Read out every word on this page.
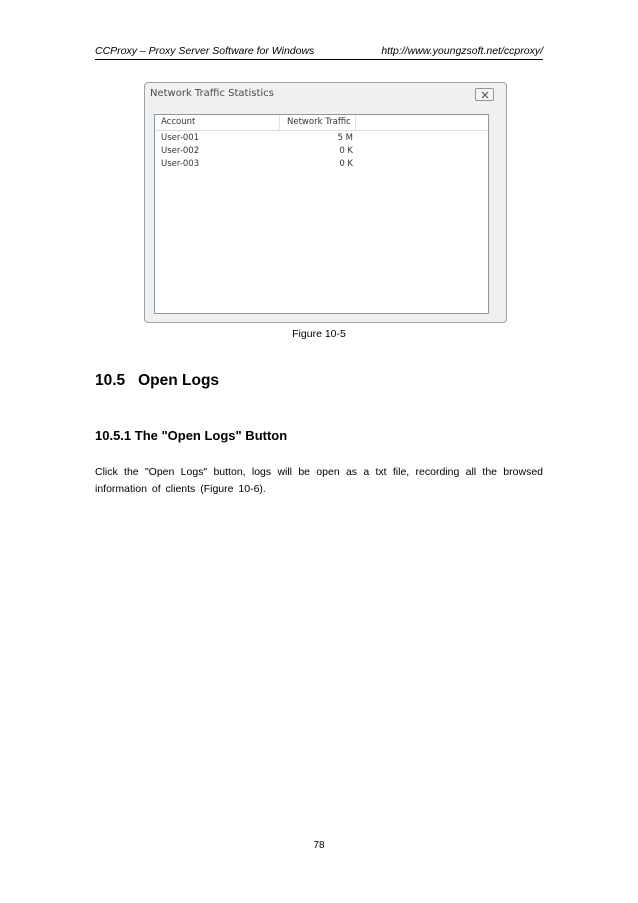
CCProxy – Proxy Server Software for Windows	http://www.youngzsoft.net/ccproxy/
Network Traffic Statistics
Account	Network Traffic
User-001	5 M
User-002	0 K
User-003	0 K
Figure 10-5
10.5   Open Logs
10.5.1 The "Open Logs" Button
Click the "Open Logs" button, logs will be open as a txt file, recording all the browsed information of clients (Figure 10-6).
78
